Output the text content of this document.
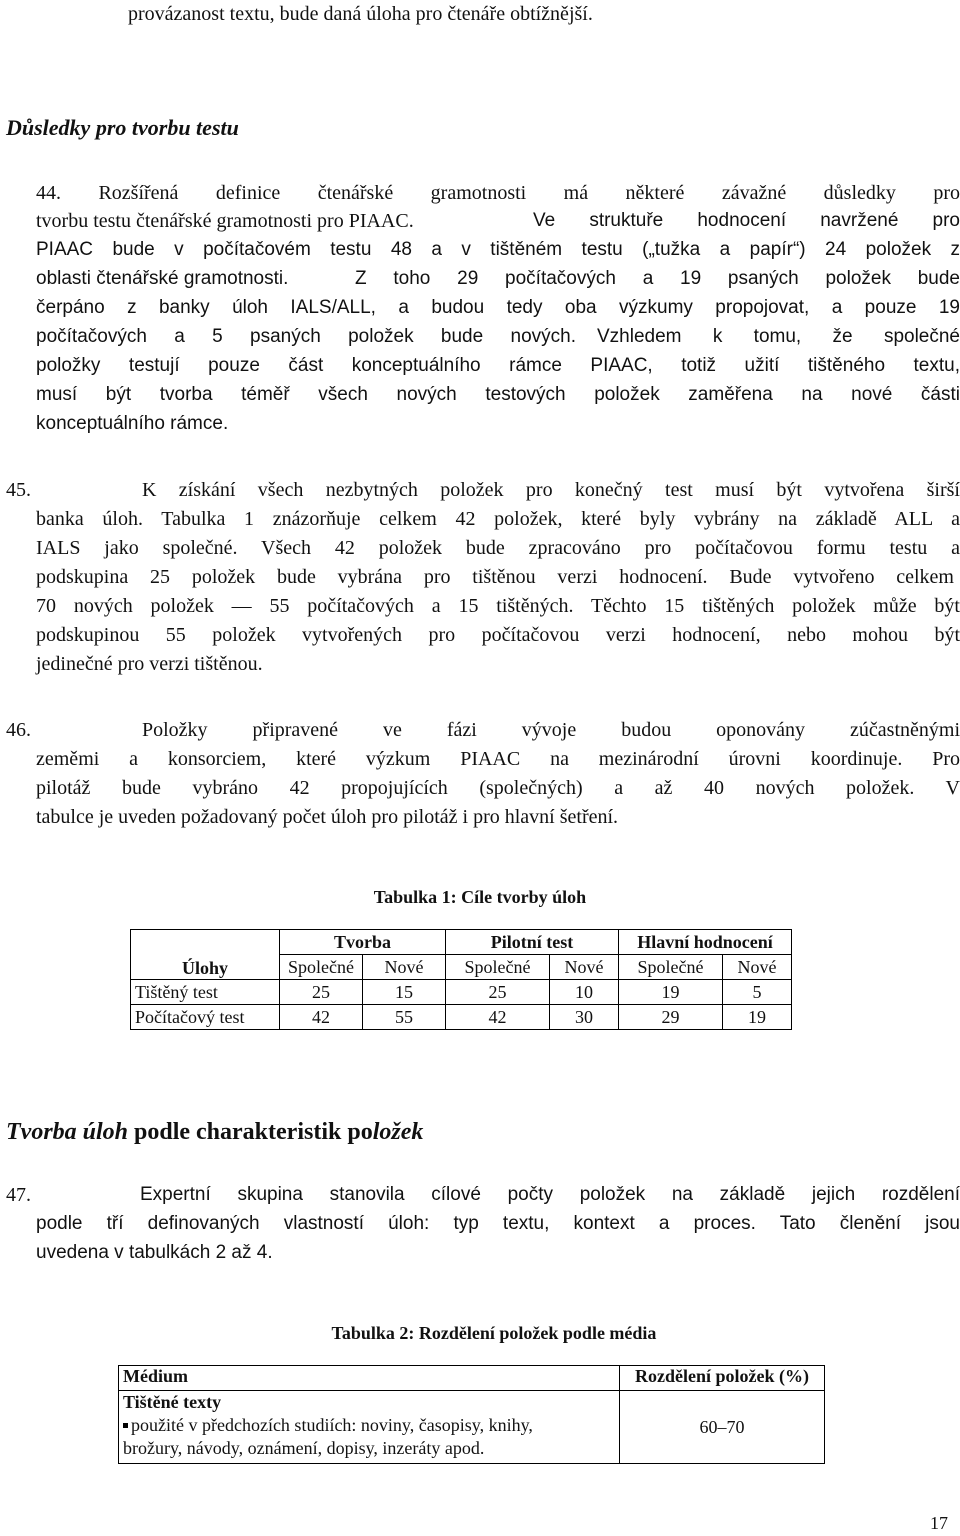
provázanost textu, bude daná úloha pro čtenáře obtížnější.
Důsledky pro tvorbu testu
44. Rozšířená definice čtenářské gramotnosti má některé závažné důsledky pro
tvorbu testu čtenářské gramotnosti pro PIAAC.	Ve struktuře hodnocení navržené pro
PIAAC bude v počítačovém testu 48 a v tištěném testu („tužka a papír“) 24 položek z
oblasti čtenářské gramotnosti.	Z toho 29 počítačových a 19 psaných položek bude
čerpáno z banky úloh IALS/ALL, a budou tedy oba výzkumy propojovat, a pouze 19
počítačových a 5 psaných položek bude nových. Vzhledem k tomu, že společné
položky testují pouze část konceptuálního rámce PIAAC, totiž užití tištěného textu,
musí být tvorba téměř všech nových testových položek zaměřena na nové části
konceptuálního rámce.
45.	K získání všech nezbytných položek pro konečný test musí být vytvořena širší
banka úloh. Tabulka 1 znázorňuje celkem 42 položek, které byly vybrány na základě ALL a
IALS jako společné. Všech 42 položek bude zpracováno pro počítačovou formu testu a
podskupina 25 položek bude vybrána pro tištěnou verzi hodnocení. Bude vytvořeno celkem
70 nových položek — 55 počítačových a 15 tištěných. Těchto 15 tištěných položek může být
podskupinou 55 položek vytvořených pro počítačovou verzi hodnocení, nebo mohou být
jedinečné pro verzi tištěnou.
46.	Položky připravené ve fázi vývoje budou oponovány zúčastněnými
zeměmi a konsorciem, které výzkum PIAAC na mezinárodní úrovni koordinuje. Pro
pilotáž bude vybráno 42 propojujících (společných) a až 40 nových položek. V
tabulce je uveden požadovaný počet úloh pro pilotáž i pro hlavní šetření.
Tabulka 1: Cíle tvorby úloh
Úlohy	Tvorba		Pilotní test		Hlavní hodnocení	
	Společné	Nové	Společné	Nové	Společné	Nové
Tištěný test	25	15	25	10	19	5
Počítačový test	42	55	42	30	29	19
Tvorba úloh podle charakteristik položek
47.	Expertní skupina stanovila cílové počty položek na základě jejich rozdělení
podle tří definovaných vlastností úloh: typ textu, kontext a proces. Tato členění jsou
uvedena v tabulkách 2 až 4.
Tabulka 2: Rozdělení položek podle média
Médium	Rozdělení položek (%)

Tištěné texty
použité v předchozích studiích: noviny, časopisy, knihy,
brožury, návody, oznámení, dopisy, inzeráty apod.	60–70
17
